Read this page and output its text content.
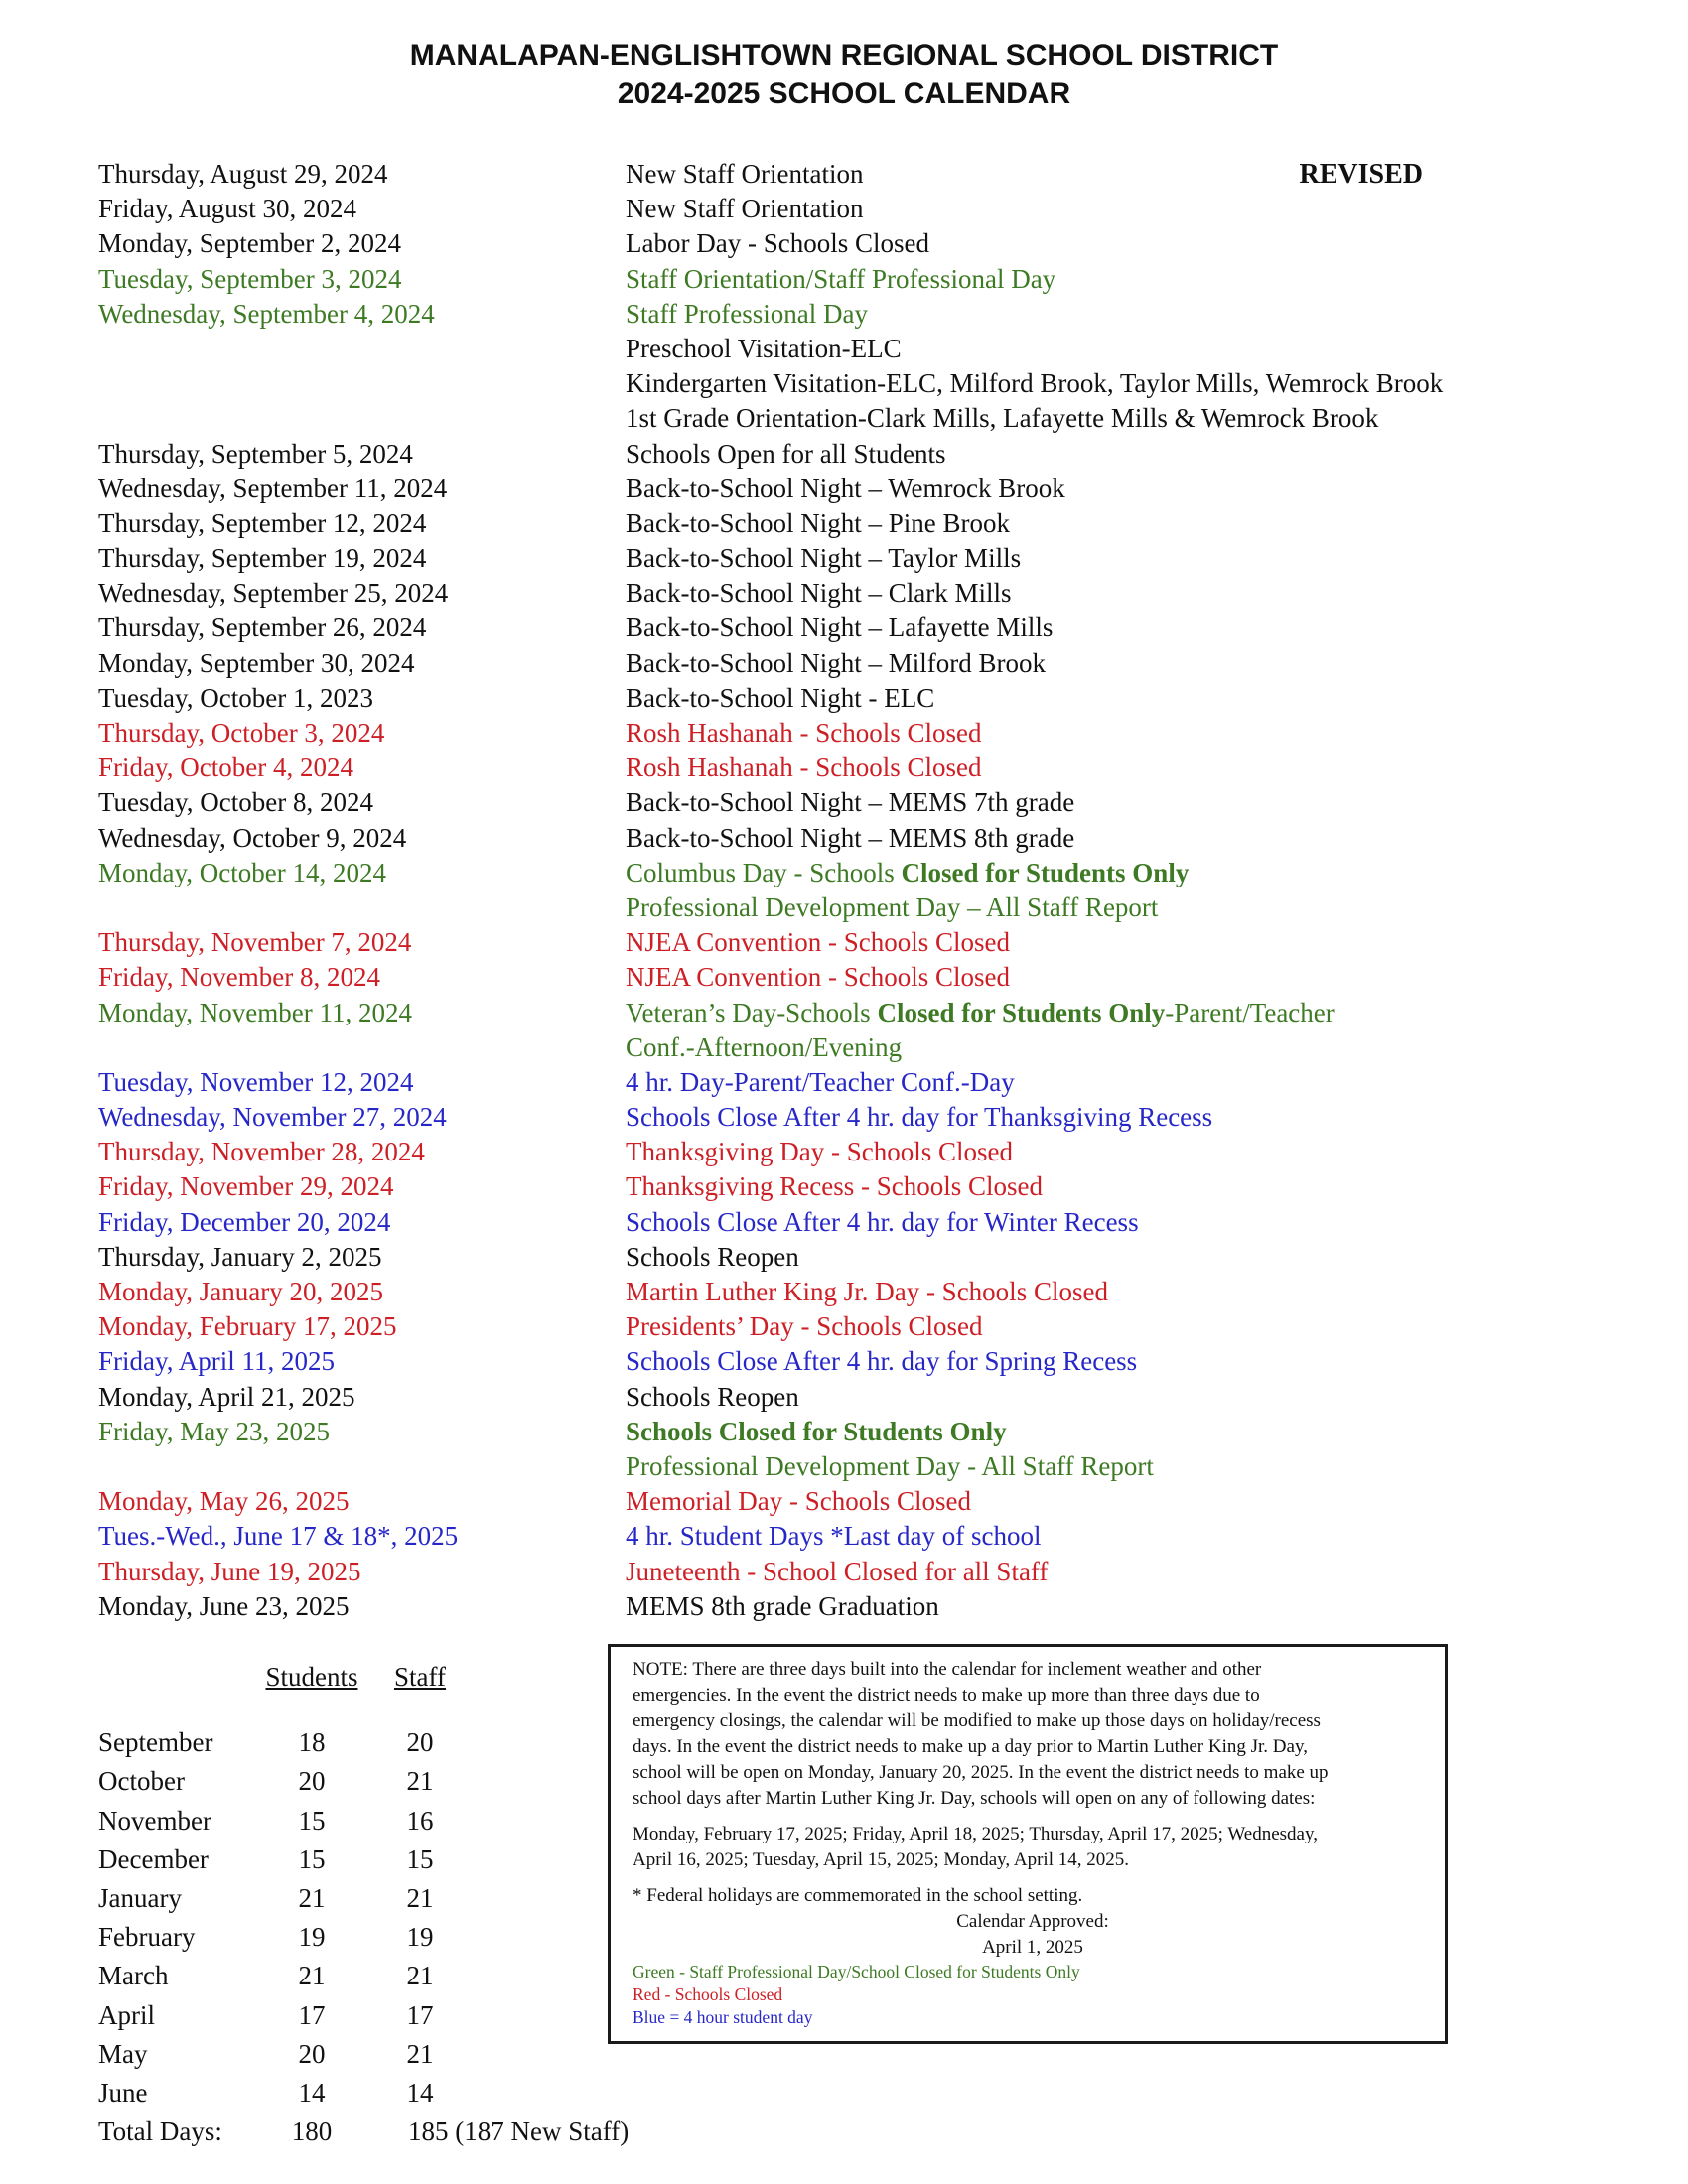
MANALAPAN-ENGLISHTOWN REGIONAL SCHOOL DISTRICT
2024-2025 SCHOOL CALENDAR
REVISED
Thursday, August 29, 2024	New Staff Orientation
Friday, August 30, 2024	New Staff Orientation
Monday, September 2, 2024	Labor Day - Schools Closed
Tuesday, September 3, 2024	Staff Orientation/Staff Professional Day
Wednesday, September 4, 2024	Staff Professional Day
Preschool Visitation-ELC
Kindergarten Visitation-ELC, Milford Brook, Taylor Mills, Wemrock Brook
1st Grade Orientation-Clark Mills, Lafayette Mills & Wemrock Brook
Thursday, September 5, 2024	Schools Open for all Students
Wednesday, September 11, 2024	Back-to-School Night – Wemrock Brook
Thursday, September 12, 2024	Back-to-School Night – Pine Brook
Thursday, September 19, 2024	Back-to-School Night – Taylor Mills
Wednesday, September 25, 2024	Back-to-School Night – Clark Mills
Thursday, September 26, 2024	Back-to-School Night – Lafayette Mills
Monday, September 30, 2024	Back-to-School Night – Milford Brook
Tuesday, October 1, 2023	Back-to-School Night - ELC
Thursday, October 3, 2024	Rosh Hashanah - Schools Closed
Friday, October 4, 2024	Rosh Hashanah - Schools Closed
Tuesday, October 8, 2024	Back-to-School Night – MEMS 7th grade
Wednesday, October 9, 2024	Back-to-School Night – MEMS 8th grade
Monday, October 14, 2024	Columbus Day - Schools Closed for Students Only
Professional Development Day – All Staff Report
Thursday, November 7, 2024	NJEA Convention - Schools Closed
Friday, November 8, 2024	NJEA Convention - Schools Closed
Monday, November 11, 2024	Veteran’s Day-Schools Closed for Students Only-Parent/Teacher
Conf.-Afternoon/Evening
Tuesday, November 12, 2024	4 hr. Day-Parent/Teacher Conf.-Day
Wednesday, November 27, 2024	Schools Close After 4 hr. day for Thanksgiving Recess
Thursday, November 28, 2024	Thanksgiving Day - Schools Closed
Friday, November 29, 2024	Thanksgiving Recess - Schools Closed
Friday, December 20, 2024	Schools Close After 4 hr. day for Winter Recess
Thursday, January 2, 2025	Schools Reopen
Monday, January 20, 2025	Martin Luther King Jr. Day - Schools Closed
Monday, February 17, 2025	Presidents’ Day - Schools Closed
Friday, April 11, 2025	Schools Close After 4 hr. day for Spring Recess
Monday, April 21, 2025	Schools Reopen
Friday, May 23, 2025	Schools Closed for Students Only
Professional Development Day - All Staff Report
Monday, May 26, 2025	Memorial Day - Schools Closed
Tues.-Wed., June 17 & 18*, 2025	4 hr. Student Days *Last day of school
Thursday, June 19, 2025	Juneteenth - School Closed for all Staff
Monday, June 23, 2025	MEMS 8th grade Graduation
Students	Staff
September	18	20
October	20	21
November	15	16
December	15	15
January	21	21
February	19	19
March	21	21
April	17	17
May	20	21
June	14	14
Total Days:	180	185 (187 New Staff)
NOTE: There are three days built into the calendar for inclement weather and other
emergencies. In the event the district needs to make up more than three days due to
emergency closings, the calendar will be modified to make up those days on holiday/recess
days. In the event the district needs to make up a day prior to Martin Luther King Jr. Day,
school will be open on Monday, January 20, 2025. In the event the district needs to make up
school days after Martin Luther King Jr. Day, schools will open on any of following dates:
Monday, February 17, 2025; Friday, April 18, 2025; Thursday, April 17, 2025; Wednesday,
April 16, 2025; Tuesday, April 15, 2025; Monday, April 14, 2025.
* Federal holidays are commemorated in the school setting.
Calendar Approved:
April 1, 2025
Green - Staff Professional Day/School Closed for Students Only
Red - Schools Closed
Blue = 4 hour student day
